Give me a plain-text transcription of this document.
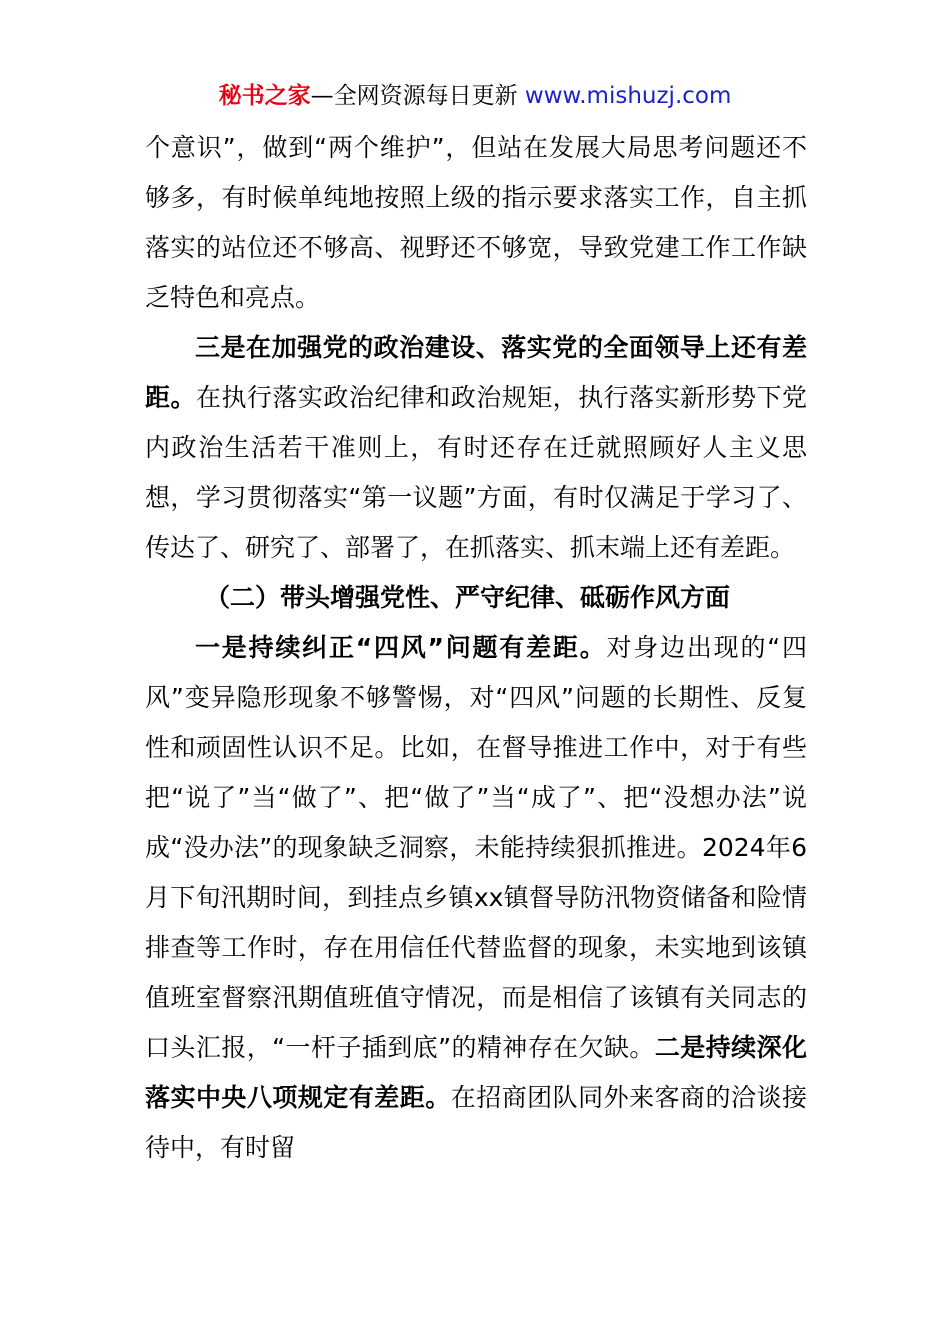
秘书之家—全网资源每日更新 www.mishuzj.com

个意识”，做到“两个维护”，但站在发展大局思考问题还不够多，有时候单纯地按照上级的指示要求落实工作，自主抓落实的站位还不够高、视野还不够宽，导致党建工作工作缺乏特色和亮点。

三是在加强党的政治建设、落实党的全面领导上还有差距。在执行落实政治纪律和政治规矩，执行落实新形势下党内政治生活若干准则上，有时还存在迁就照顾好人主义思想，学习贯彻落实“第一议题”方面，有时仅满足于学习了、传达了、研究了、部署了，在抓落实、抓末端上还有差距。

（二）带头增强党性、严守纪律、砥砺作风方面

一是持续纠正“四风”问题有差距。对身边出现的“四风”变异隐形现象不够警惕，对“四风”问题的长期性、反复性和顽固性认识不足。比如，在督导推进工作中，对于有些把“说了”当“做了”、把“做了”当“成了”、把“没想办法”说成“没办法”的现象缺乏洞察，未能持续狠抓推进。2024年6月下旬汛期时间，到挂点乡镇xx镇督导防汛物资储备和险情排查等工作时，存在用信任代替监督的现象，未实地到该镇值班室督察汛期值班值守情况，而是相信了该镇有关同志的口头汇报，“一杆子插到底”的精神存在欠缺。二是持续深化落实中央八项规定有差距。在招商团队同外来客商的洽谈接待中，有时留
